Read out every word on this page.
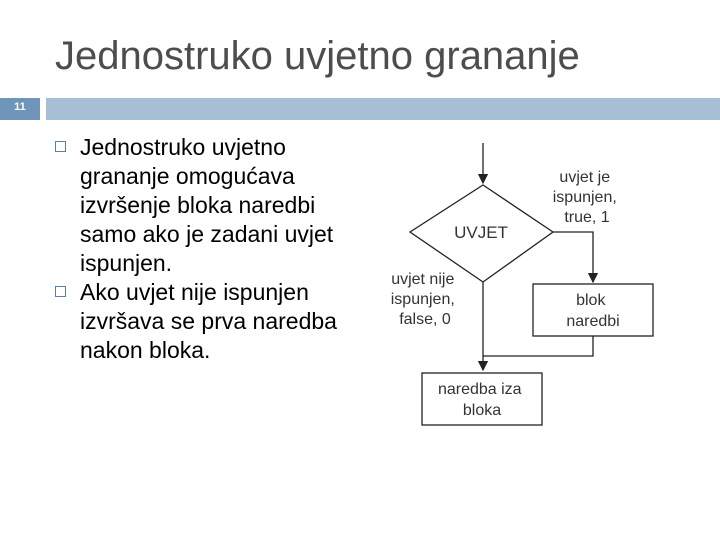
Jednostruko uvjetno grananje
11
Jednostruko uvjetno grananje omogućava izvršenje bloka naredbi samo ako je zadani uvjet ispunjen.
Ako uvjet nije ispunjen izvršava se prva naredba nakon bloka.
UVJET
uvjet je ispunjen, true, 1
blok naredbi
uvjet nije ispunjen, false, 0
naredba iza bloka
